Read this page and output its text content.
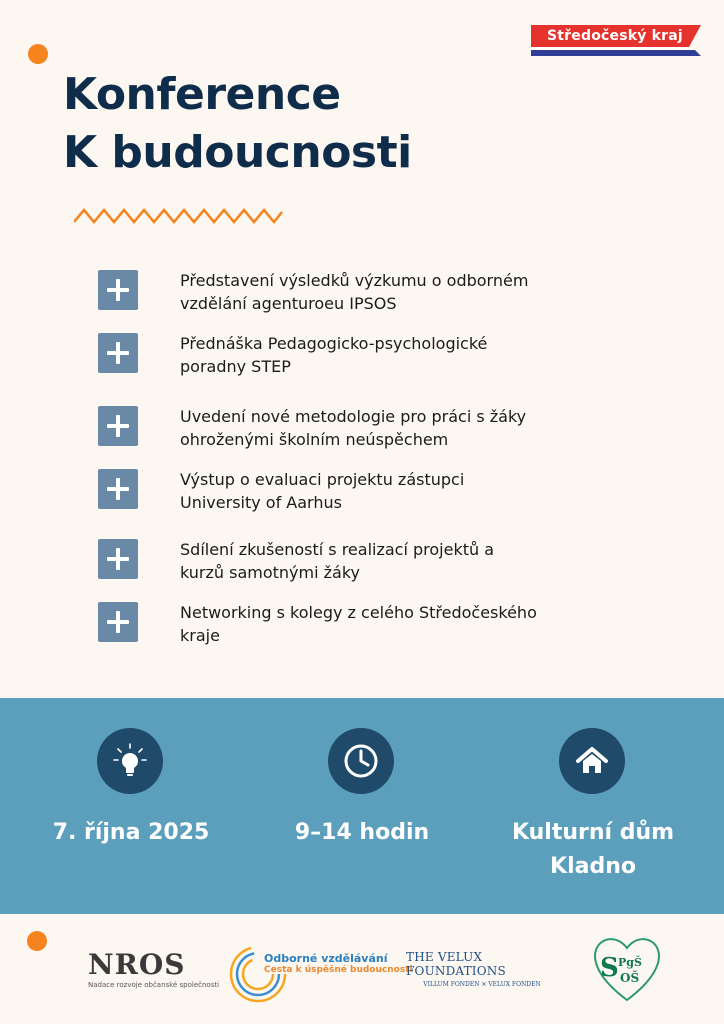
Středočeský kraj
Konference
K budoucnosti
Představení výsledků výzkumu o odborném vzdělání agenturoeu IPSOS
Přednáška Pedagogicko-psychologické poradny STEP
Uvedení nové metodologie pro práci s žáky ohroženými školním neúspěchem
Výstup o evaluaci projektu zástupci University of Aarhus
Sdílení zkušeností s realizací projektů a kurzů samotnými žáky
Networking s kolegy z celého Středočeského kraje
7. října 2025	9–14 hodin	Kulturní dům Kladno
NROS
Nadace rozvoje občanské společnosti
Odborné vzdělávání
Cesta k úspěšné budoucnosti
THE VELUX FOUNDATIONS
VILLUM FONDEN ✕ VELUX FONDEN
S PgŠ
OŠ
